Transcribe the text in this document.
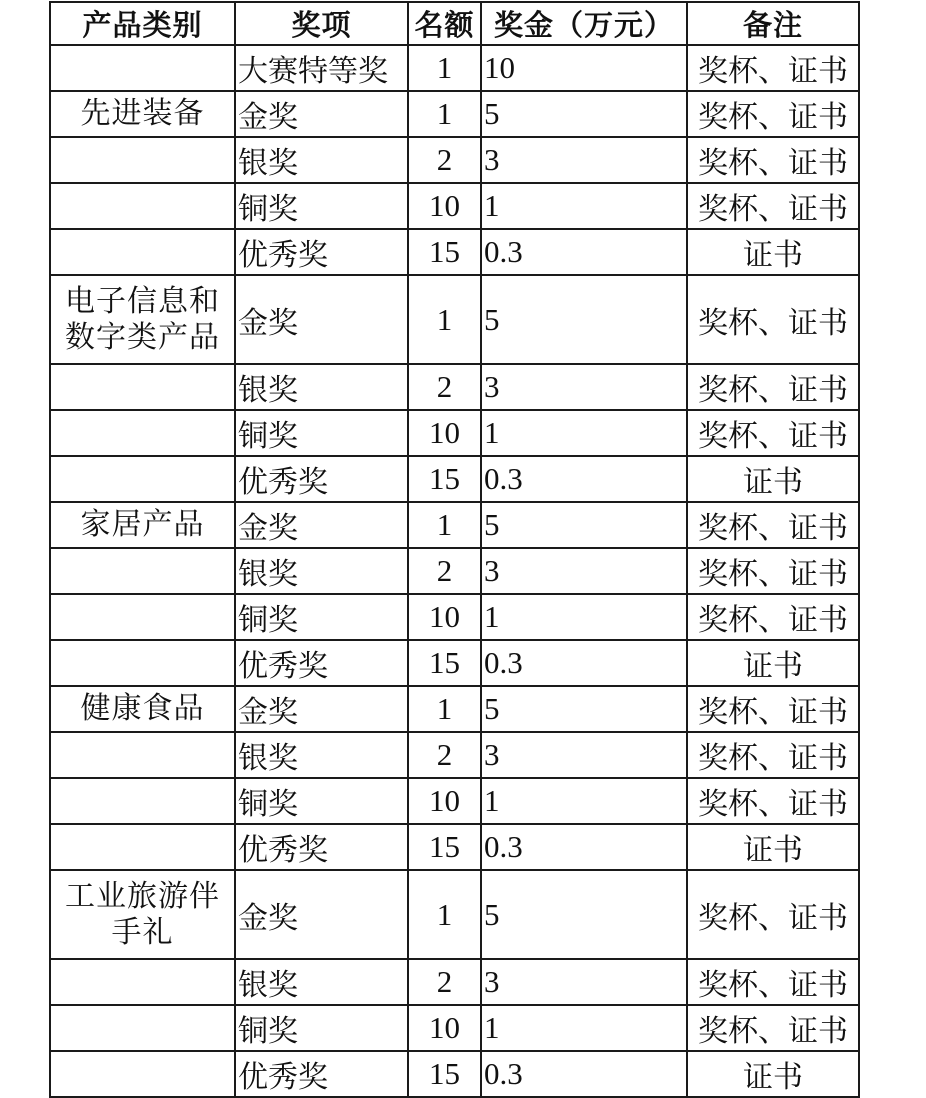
产品类别	奖项	名额	奖金（万元）	备注
	大赛特等奖	1	10	奖杯、证书
先进装备	金奖	1	5	奖杯、证书
	银奖	2	3	奖杯、证书
	铜奖	10	1	奖杯、证书
	优秀奖	15	0.3	证书
电子信息和数字类产品	金奖	1	5	奖杯、证书
	银奖	2	3	奖杯、证书
	铜奖	10	1	奖杯、证书
	优秀奖	15	0.3	证书
家居产品	金奖	1	5	奖杯、证书
	银奖	2	3	奖杯、证书
	铜奖	10	1	奖杯、证书
	优秀奖	15	0.3	证书
健康食品	金奖	1	5	奖杯、证书
	银奖	2	3	奖杯、证书
	铜奖	10	1	奖杯、证书
	优秀奖	15	0.3	证书
工业旅游伴手礼	金奖	1	5	奖杯、证书
	银奖	2	3	奖杯、证书
	铜奖	10	1	奖杯、证书
	优秀奖	15	0.3	证书
